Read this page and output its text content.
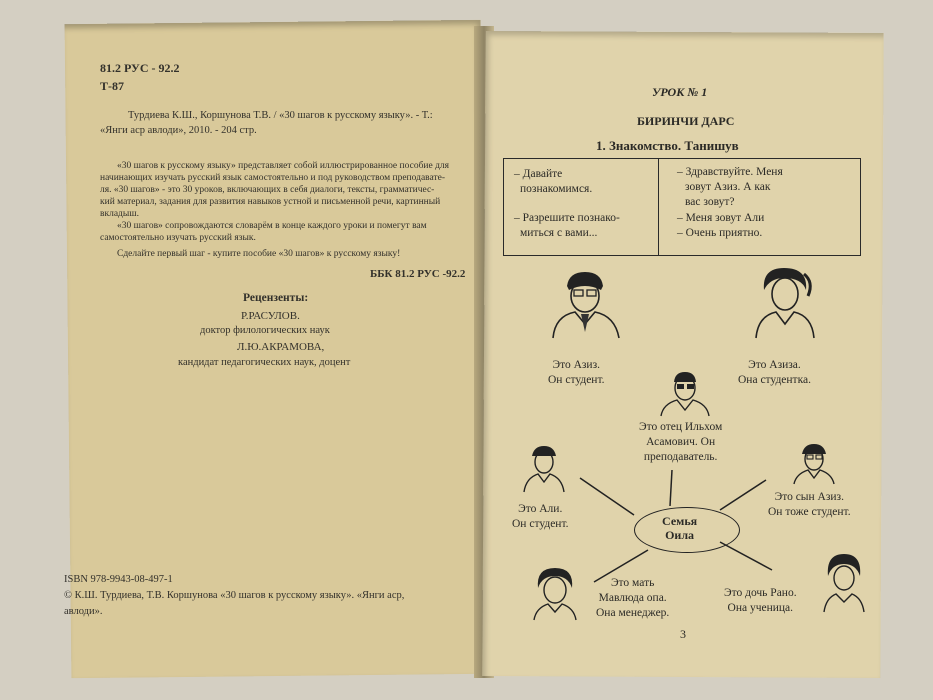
81.2 РУС - 92.2
Т-87
Турдиева К.Ш., Коршунова Т.В. / «30 шагов к русскому языку». - Т.:
«Янги аср авлоди», 2010. - 204 стр.
«30 шагов к русскому языку» представляет собой иллюстрированное пособие для
начинающих изучать русский язык самостоятельно и под руководством преподавате-
ля. «30 шагов» - это 30 уроков, включающих в себя диалоги, тексты, грамматичес-
кий материал, задания для развития навыков устной и письменной речи, картинный
вкладыш.
«30 шагов» сопровождаются словарём в конце каждого уроки и помегут вам
самостоятельно изучать русский язык.
Сделайте первый шаг - купите пособие «30 шагов» к русскому языку!
ББК 81.2 РУС -92.2
Рецензенты:
Р.РАСУЛОВ.
доктор филологических наук
Л.Ю.АКРАМОВА,
кандидат педагогических наук, доцент
ISBN 978-9943-08-497-1
© К.Ш. Турдиева, Т.В. Коршунова «30 шагов к русскому языку». «Янги аср,
авлоди».
УРОК № 1
БИРИНЧИ ДАРС
1. Знакомство. Танишув
– Давайте
познакомимся.
– Разрешите познако-
миться с вами...
– Здравствуйте. Меня
зовут Азиз. А как
вас зовут?
– Меня зовут Али
– Очень приятно.
Это Азиз.
Он студент.
Это Азиза.
Она студентка.
Это отец Ильхом
Асамович. Он
преподаватель.
Это Али.
Он студент.
Это сын Азиз.
Он тоже студент.
Семья
Оила
Это мать
Мавлюда опа.
Она менеджер.
Это дочь Рано.
Она ученица.
3
